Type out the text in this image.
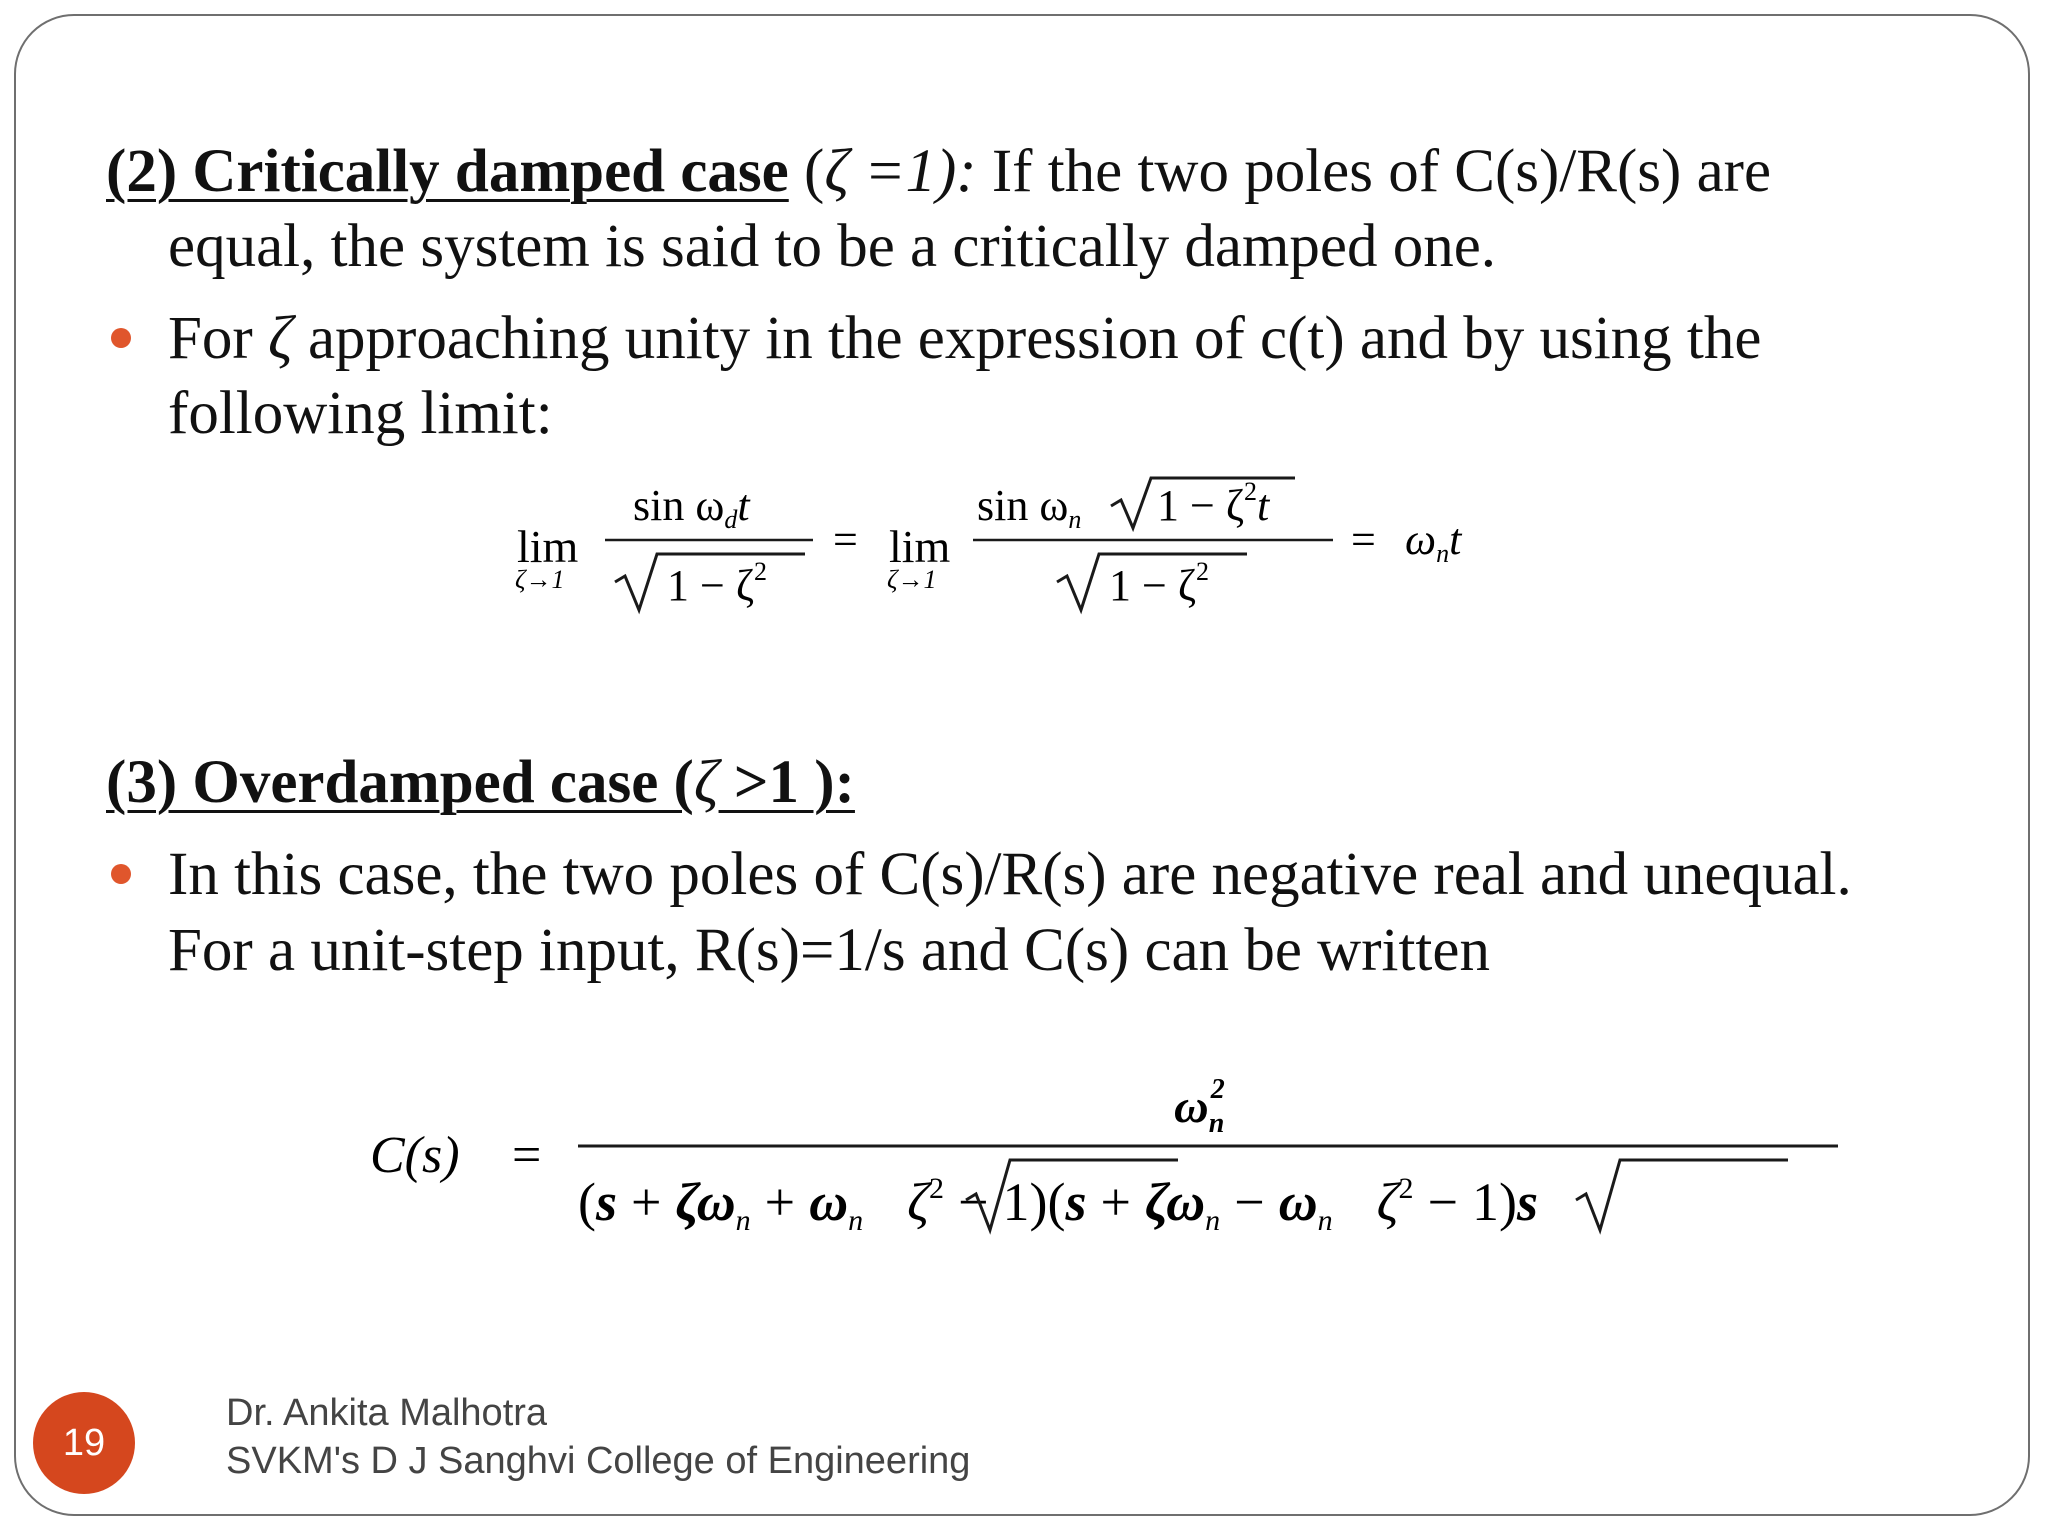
(2) Critically damped case (ζ =1): If the two poles of C(s)/R(s) are
equal, the system is said to be a critically damped one.
For ζ approaching unity in the expression of c(t) and by using the
following limit:
lim
ζ→1
sin ωdt
$1 - \zeta^2$
= lim
ζ→1
sin ωn $1 - \zeta^2t$
$1 - \zeta^2$
= ωnt
(3) Overdamped case (ζ >1 ):
In this case, the two poles of C(s)/R(s) are negative real and unequal.
For a unit-step input, R(s)=1/s and C(s) can be written
C(s) =
$\omega^2$ n
(s + ζωn + ωn $\zeta^2 - 1)(s + \zeta\omega n - \omega n$ $\zeta^2 - 1)s$
19
Dr. Ankita Malhotra
SVKM's D J Sanghvi College of Engineering
